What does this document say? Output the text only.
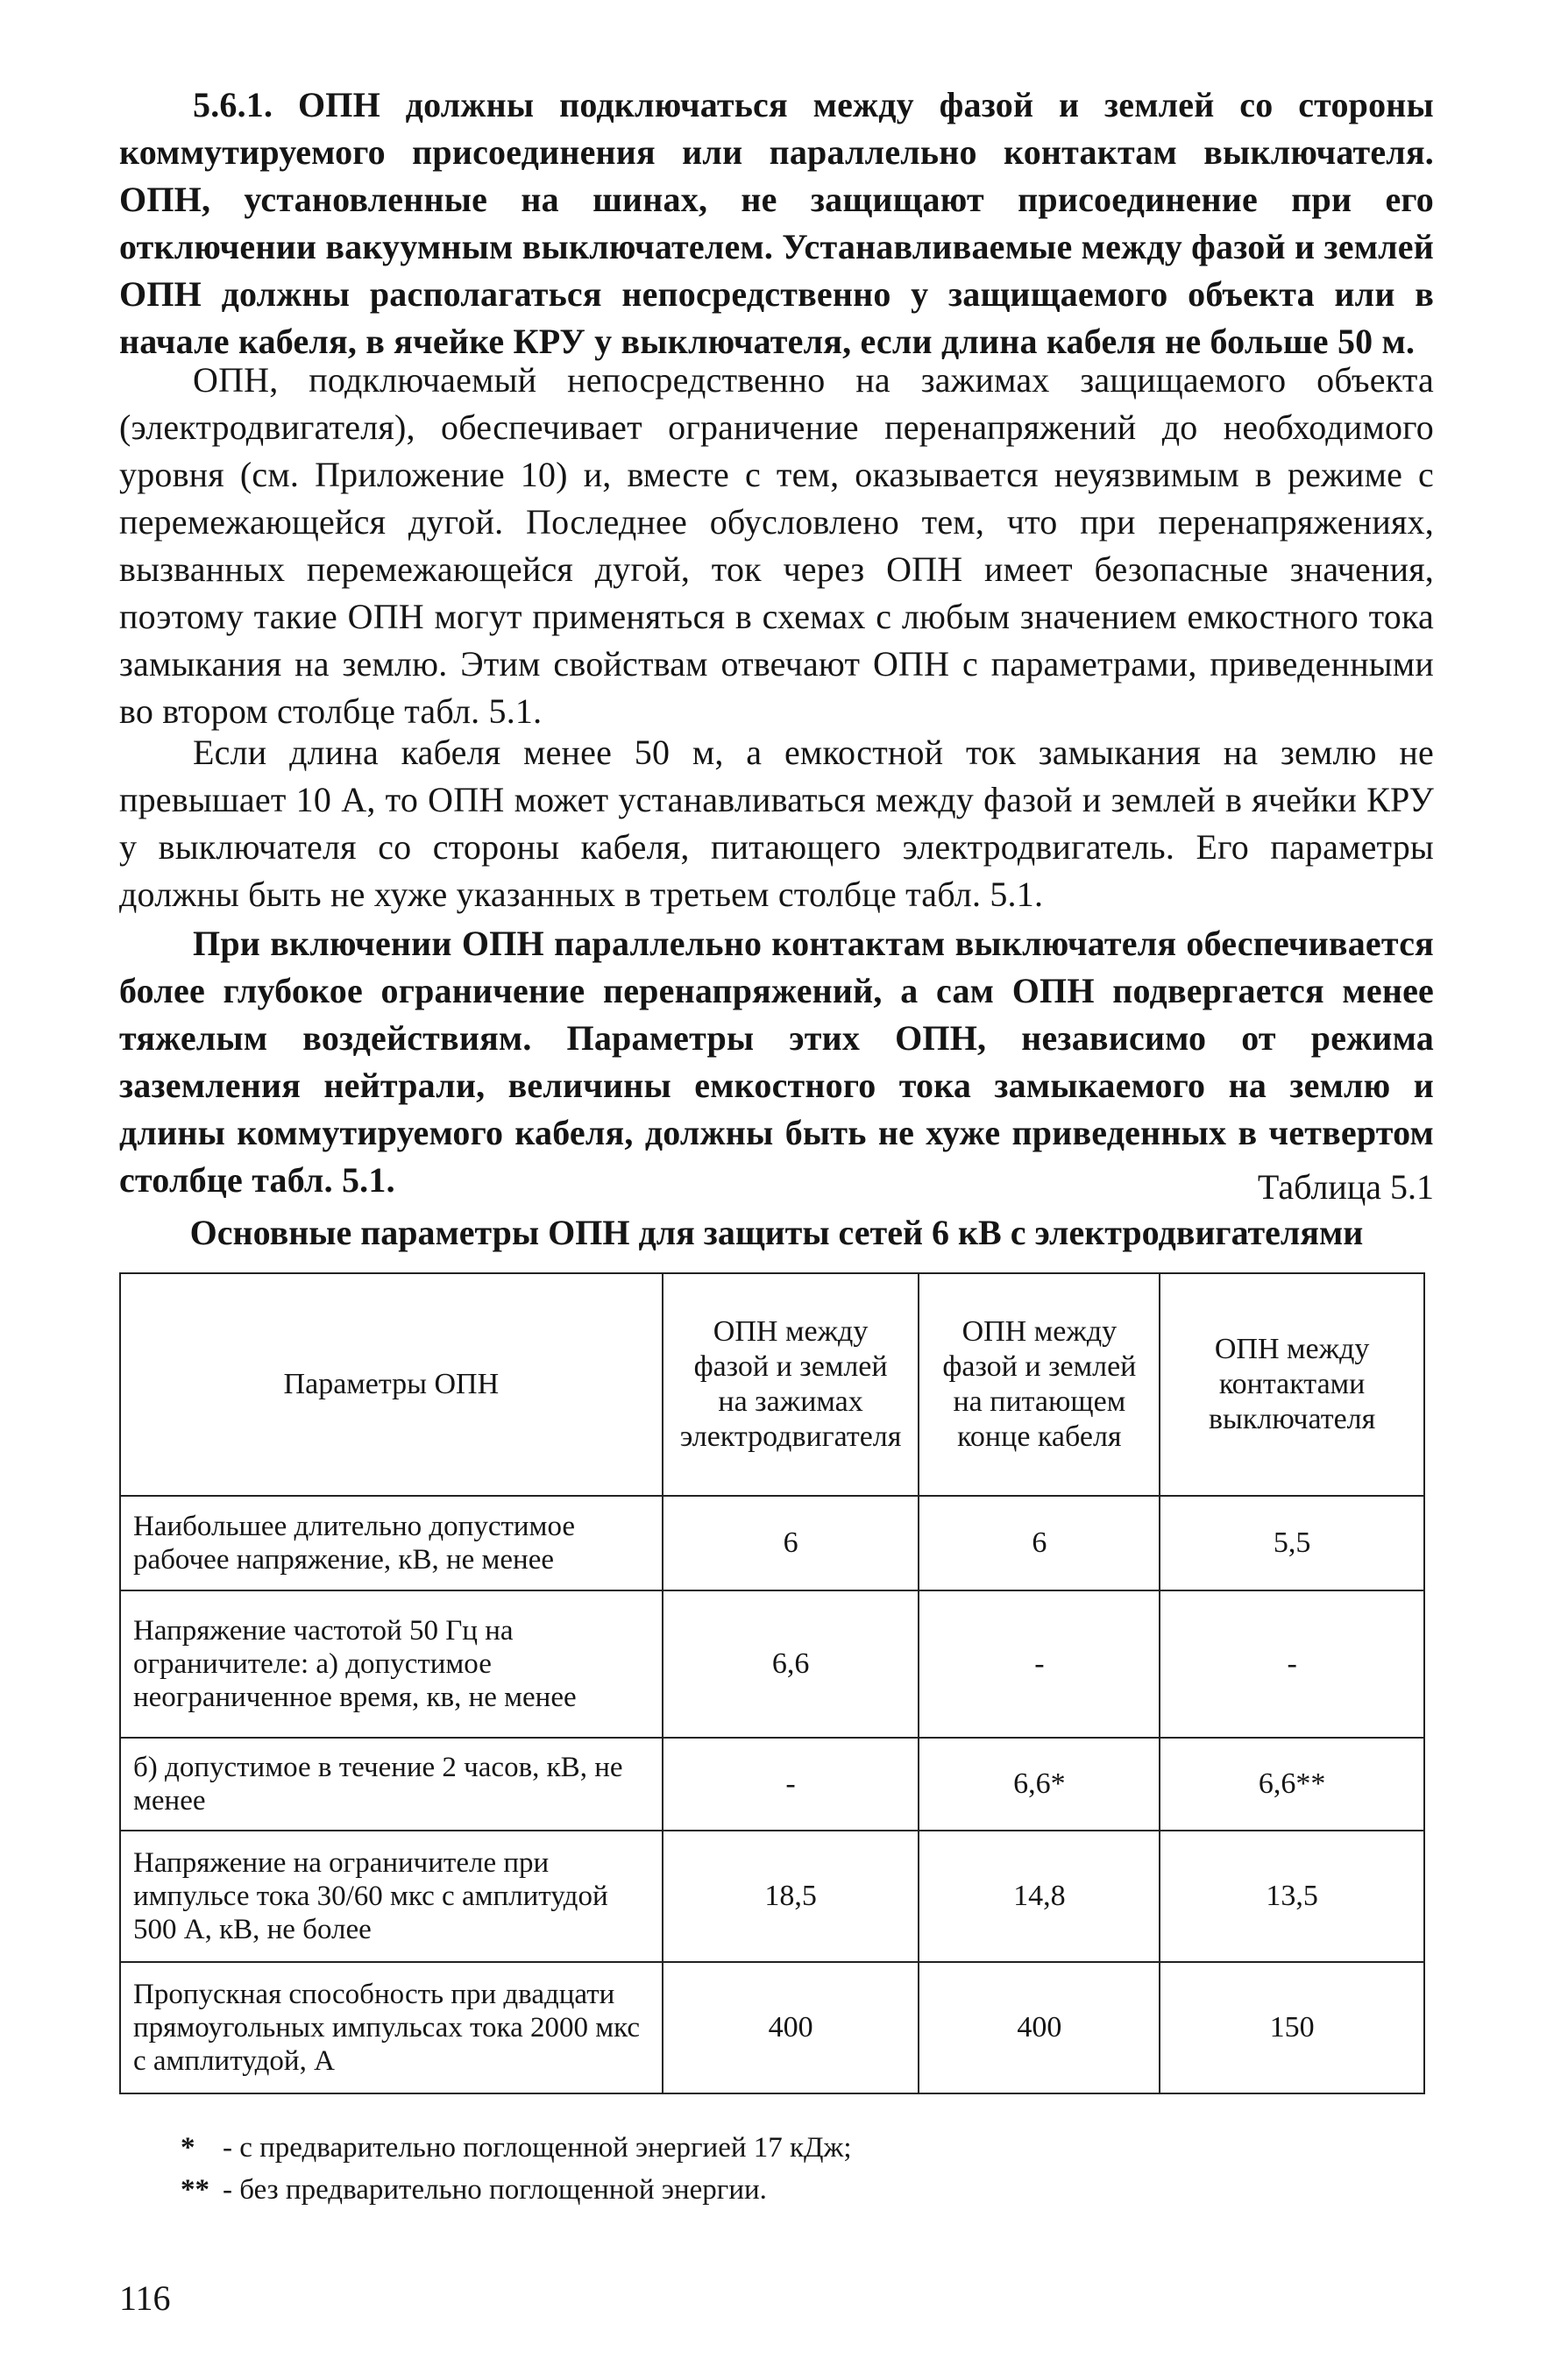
5.6.1. ОПН должны подключаться между фазой и землей со стороны коммутируемого присоединения или параллельно контактам выключателя. ОПН, установленные на шинах, не защищают присоединение при его отключении вакуумным выключателем. Устанавливаемые между фазой и землей ОПН должны располагаться непосредственно у защищаемого объекта или в начале кабеля, в ячейке КРУ у выключателя, если длина кабеля не больше 50 м.

ОПН, подключаемый непосредственно на зажимах защищаемого объекта (электродвигателя), обеспечивает ограничение перенапряжений до необходимого уровня (см. Приложение 10) и, вместе с тем, оказывается неуязвимым в режиме с перемежающейся дугой. Последнее обусловлено тем, что при перенапряжениях, вызванных перемежающейся дугой, ток через ОПН имеет безопасные значения, поэтому такие ОПН могут применяться в схемах с любым значением емкостного тока замыкания на землю. Этим свойствам отвечают ОПН с параметрами, приведенными во втором столбце табл. 5.1.

Если длина кабеля менее 50 м, а емкостной ток замыкания на землю не превышает 10 А, то ОПН может устанавливаться между фазой и землей в ячейки КРУ у выключателя со стороны кабеля, питающего электродвигатель. Его параметры должны быть не хуже указанных в третьем столбце табл. 5.1.

При включении ОПН параллельно контактам выключателя обеспечивается более глубокое ограничение перенапряжений, а сам ОПН подвергается менее тяжелым воздействиям. Параметры этих ОПН, независимо от режима заземления нейтрали, величины емкостного тока замыкаемого на землю и длины коммутируемого кабеля, должны быть не хуже приведенных в четвертом столбце табл. 5.1.	Таблица 5.1

Основные параметры ОПН для защиты сетей 6 кВ с электродвигателями

Параметры ОПН	ОПН между фазой и землей на зажимах электродвигателя	ОПН между фазой и землей на питающем конце кабеля	ОПН между контактами выключателя
Наибольшее длительно допустимое рабочее напряжение, кВ, не менее	6	6	5,5
Напряжение частотой 50 Гц на ограничителе: а) допустимое неограниченное время, кв, не менее	6,6	-	-
б) допустимое в течение 2 часов, кВ, не менее	-	6,6*	6,6**
Напряжение на ограничителе при импульсе тока 30/60 мкс с амплитудой 500 А, кВ, не более	18,5	14,8	13,5
Пропускная способность при двадцати прямоугольных импульсах тока 2000 мкс с амплитудой, А	400	400	150
* - с предварительно поглощенной энергией 17 кДж;
** - без предварительно поглощенной энергии.
116
